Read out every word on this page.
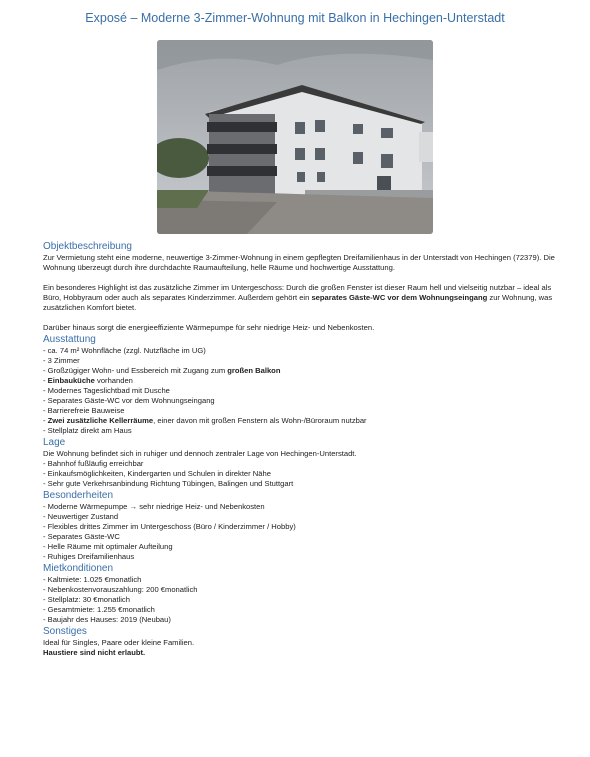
Exposé – Moderne 3-Zimmer-Wohnung mit Balkon in Hechingen-Unterstadt
Objektbeschreibung

Zur Vermietung steht eine moderne, neuwertige 3-Zimmer-Wohnung in einem gepflegten Dreifamilienhaus in der Unterstadt von Hechingen (72379). Die Wohnung überzeugt durch ihre durchdachte Raumaufteilung, helle Räume und hochwertige Ausstattung.

Ein besonderes Highlight ist das zusätzliche Zimmer im Untergeschoss: Durch die großen Fenster ist dieser Raum hell und vielseitig nutzbar – ideal als Büro, Hobbyraum oder auch als separates Kinderzimmer. Außerdem gehört ein separates Gäste-WC vor dem Wohnungseingang zur Wohnung, was zusätzlichen Komfort bietet.

Darüber hinaus sorgt die energieeffiziente Wärmepumpe für sehr niedrige Heiz- und Nebenkosten.

Ausstattung
- ca. 74 m² Wohnfläche (zzgl. Nutzfläche im UG)
- 3 Zimmer
- Großzügiger Wohn- und Essbereich mit Zugang zum großen Balkon
- Einbauküche vorhanden
- Modernes Tageslichtbad mit Dusche
- Separates Gäste-WC vor dem Wohnungseingang
- Barrierefreie Bauweise
- Zwei zusätzliche Kellerräume, einer davon mit großen Fenstern als Wohn-/Büroraum nutzbar
- Stellplatz direkt am Haus
Lage

Die Wohnung befindet sich in ruhiger und dennoch zentraler Lage von Hechingen-Unterstadt.

- Bahnhof fußläufig erreichbar
- Einkaufsmöglichkeiten, Kindergarten und Schulen in direkter Nähe
- Sehr gute Verkehrsanbindung Richtung Tübingen, Balingen und Stuttgart
Besonderheiten
- Moderne Wärmepumpe → sehr niedrige Heiz- und Nebenkosten
- Neuwertiger Zustand
- Flexibles drittes Zimmer im Untergeschoss (Büro / Kinderzimmer / Hobby)
- Separates Gäste-WC
- Helle Räume mit optimaler Aufteilung
- Ruhiges Dreifamilienhaus
Mietkonditionen
- Kaltmiete: 1.025 €monatlich
- Nebenkostenvorauszahlung: 200 €monatlich
- Stellplatz: 30 €monatlich
- Gesamtmiete: 1.255 €monatlich
- Baujahr des Hauses: 2019 (Neubau)
Sonstiges

Ideal für Singles, Paare oder kleine Familien.

Haustiere sind nicht erlaubt.
